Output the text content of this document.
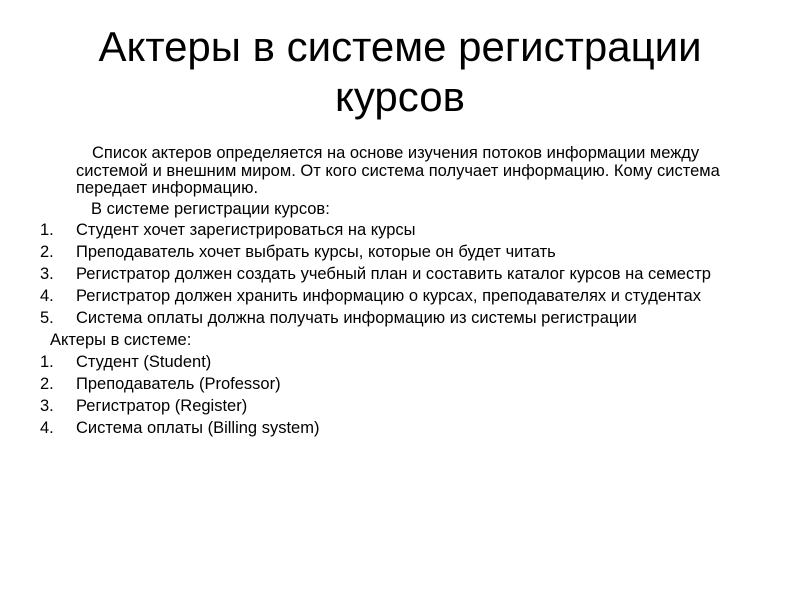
Актеры в системе регистрации курсов

Список актеров определяется на основе изучения потоков информации между системой и внешним миром. От кого система получает информацию. Кому система передает информацию.

В системе регистрации курсов:

1. Студент хочет зарегистрироваться на курсы
2. Преподаватель хочет выбрать курсы, которые он будет читать
3. Регистратор должен создать учебный план и составить каталог курсов на семестр
4. Регистратор должен хранить информацию о курсах, преподавателях и студентах
5. Система оплаты должна получать информацию из системы регистрации

Актеры в системе:

1. Студент (Student)
2. Преподаватель (Professor)
3. Регистратор (Register)
4. Система оплаты (Billing system)
